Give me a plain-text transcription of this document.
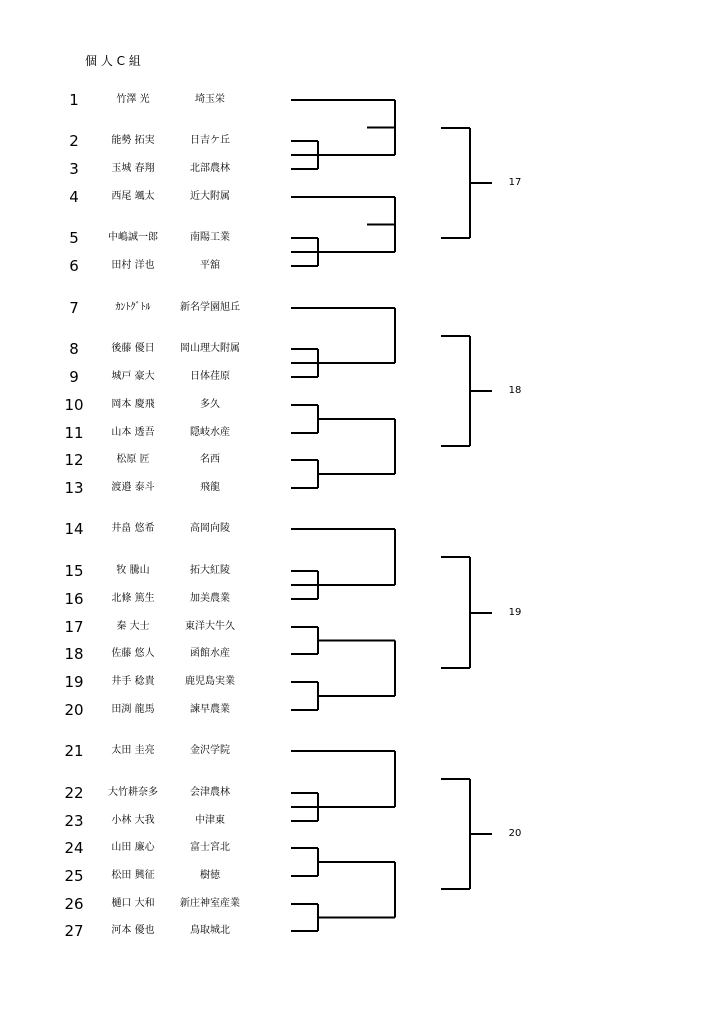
個 人 C 組
1	竹澤 光	埼玉栄
2	能勢 拓実	日吉ケ丘
3	玉城 春翔	北部農林
4	西尾 颯太	近大附属
5	中嶋誠一郎	南陽工業
6	田村 洋也	平舘
7	ｶﾝﾄｸﾞﾄﾙ	新名学園旭丘
8	後藤 優日	岡山理大附属
9	城戸 豪大	日体荏原
10	岡本 慶飛	多久
11	山本 透吾	隠岐水産
12	松原 匠	名西
13	渡邉 泰斗	飛龍
14	井畠 悠希	高岡向陵
15	牧 騰山	拓大紅陵
16	北條 篤生	加美農業
17	秦 大士	東洋大牛久
18	佐藤 悠人	函館水産
19	井手 稔貴	鹿児島実業
20	田渕 龍馬	諫早農業
21	太田 圭亮	金沢学院
22	大竹耕奈多	会津農林
23	小林 大我	中津東
24	山田 廉心	富士宮北
25	松田 興征	樹徳
26	樋口 大和	新庄神室産業
27	河本 優也	鳥取城北
17
18
19
20
